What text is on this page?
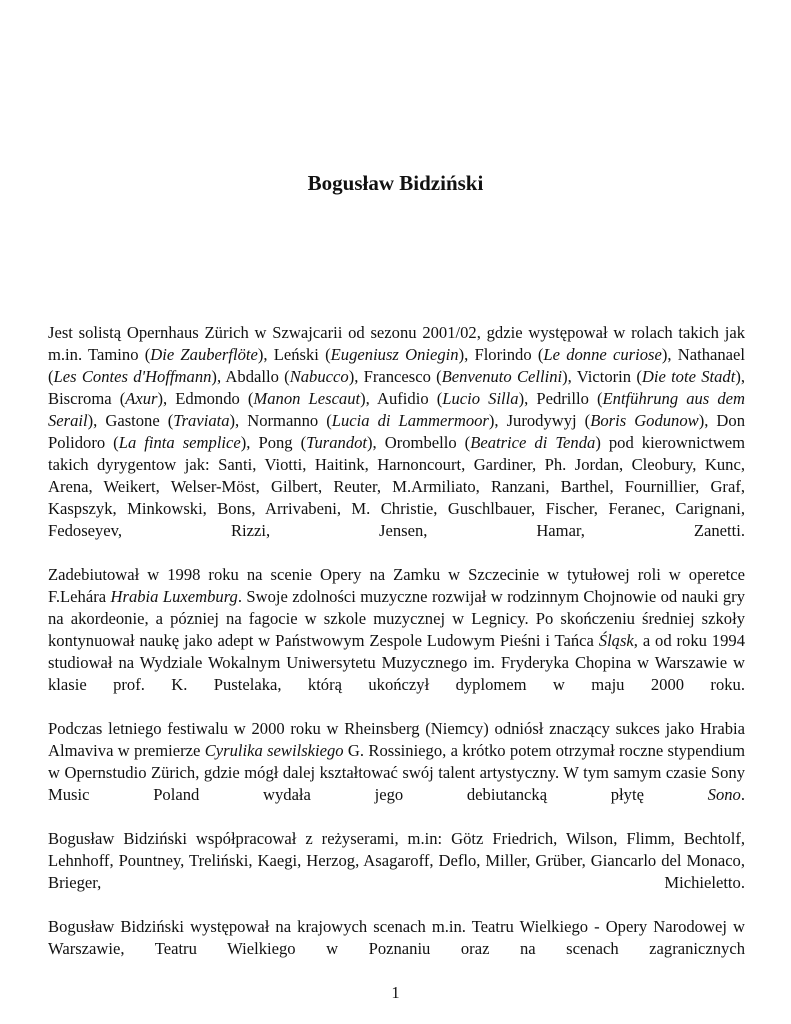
Bogusław Bidziński

Jest solistą Opernhaus Zürich w Szwajcarii od sezonu 2001/02, gdzie występował w rolach takich jak m.in. Tamino (Die Zauberflöte), Leński (Eugeniusz Oniegin), Florindo (Le donne curiose), Nathanael (Les Contes d'Hoffmann), Abdallo (Nabucco), Francesco (Benvenuto Cellini), Victorin (Die tote Stadt), Biscroma (Axur), Edmondo (Manon Lescaut), Aufidio (Lucio Silla), Pedrillo (Entführung aus dem Serail), Gastone (Traviata), Normanno (Lucia di Lammermoor), Jurodywyj (Boris Godunow), Don Polidoro (La finta semplice), Pong (Turandot), Orombello (Beatrice di Tenda) pod kierownictwem takich dyrygentow jak: Santi, Viotti, Haitink, Harnoncourt, Gardiner, Ph. Jordan, Cleobury, Kunc, Arena, Weikert, Welser-Möst, Gilbert, Reuter, M.Armiliato, Ranzani, Barthel, Fournillier, Graf, Kaspszyk, Minkowski, Bons, Arrivabeni, M. Christie, Guschlbauer, Fischer, Feranec, Carignani, Fedoseyev, Rizzi, Jensen, Hamar, Zanetti.

Zadebiutował w 1998 roku na scenie Opery na Zamku w Szczecinie w tytułowej roli w operetce F.Lehára Hrabia Luxemburg. Swoje zdolności muzyczne rozwijał w rodzinnym Chojnowie od nauki gry na akordeonie, a pózniej na fagocie w szkole muzycznej w Legnicy. Po skończeniu średniej szkoły kontynuował naukę jako adept w Państwowym Zespole Ludowym Pieśni i Tańca Śląsk, a od roku 1994 studiował na Wydziale Wokalnym Uniwersytetu Muzycznego im. Fryderyka Chopina w Warszawie w klasie prof. K. Pustelaka, którą ukończył dyplomem w maju 2000 roku.

Podczas letniego festiwalu w 2000 roku w Rheinsberg (Niemcy) odniósł znaczący sukces jako Hrabia Almaviva w premierze Cyrulika sewilskiego G. Rossiniego, a krótko potem otrzymał roczne stypendium w Opernstudio Zürich, gdzie mógł dalej kształtować swój talent artystyczny. W tym samym czasie Sony Music Poland wydała jego debiutancką płytę Sono.

Bogusław Bidziński współpracował z reżyserami, m.in: Götz Friedrich, Wilson, Flimm, Bechtolf, Lehnhoff, Pountney, Treliński, Kaegi, Herzog, Asagaroff, Deflo, Miller, Grüber, Giancarlo del Monaco, Brieger, Michieletto.

Bogusław Bidziński występował na krajowych scenach m.in. Teatru Wielkiego - Opery Narodowej w Warszawie, Teatru Wielkiego w Poznaniu oraz na scenach zagranicznych

1
